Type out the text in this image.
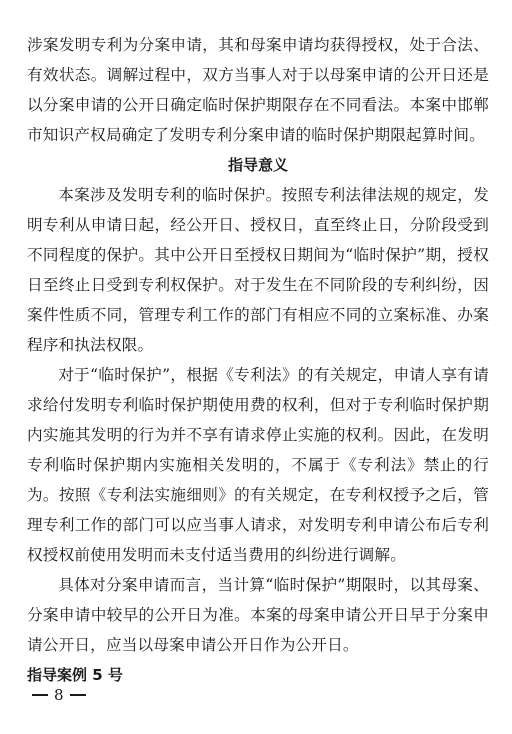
涉案发明专利为分案申请，其和母案申请均获得授权，处于合法、有效状态。调解过程中，双方当事人对于以母案申请的公开日还是以分案申请的公开日确定临时保护期限存在不同看法。本案中邯郸市知识产权局确定了发明专利分案申请的临时保护期限起算时间。

指导意义

本案涉及发明专利的临时保护。按照专利法律法规的规定，发明专利从申请日起，经公开日、授权日，直至终止日，分阶段受到不同程度的保护。其中公开日至授权日期间为“临时保护”期，授权日至终止日受到专利权保护。对于发生在不同阶段的专利纠纷，因案件性质不同，管理专利工作的部门有相应不同的立案标准、办案程序和执法权限。

对于“临时保护”，根据《专利法》的有关规定，申请人享有请求给付发明专利临时保护期使用费的权利，但对于专利临时保护期内实施其发明的行为并不享有请求停止实施的权利。因此，在发明专利临时保护期内实施相关发明的，不属于《专利法》禁止的行为。按照《专利法实施细则》的有关规定，在专利权授予之后，管理专利工作的部门可以应当事人请求，对发明专利申请公布后专利权授权前使用发明而未支付适当费用的纠纷进行调解。

具体对分案申请而言，当计算“临时保护”期限时，以其母案、分案申请中较早的公开日为准。本案的母案申请公开日早于分案申请公开日，应当以母案申请公开日作为公开日。

指导案例 5 号

8
